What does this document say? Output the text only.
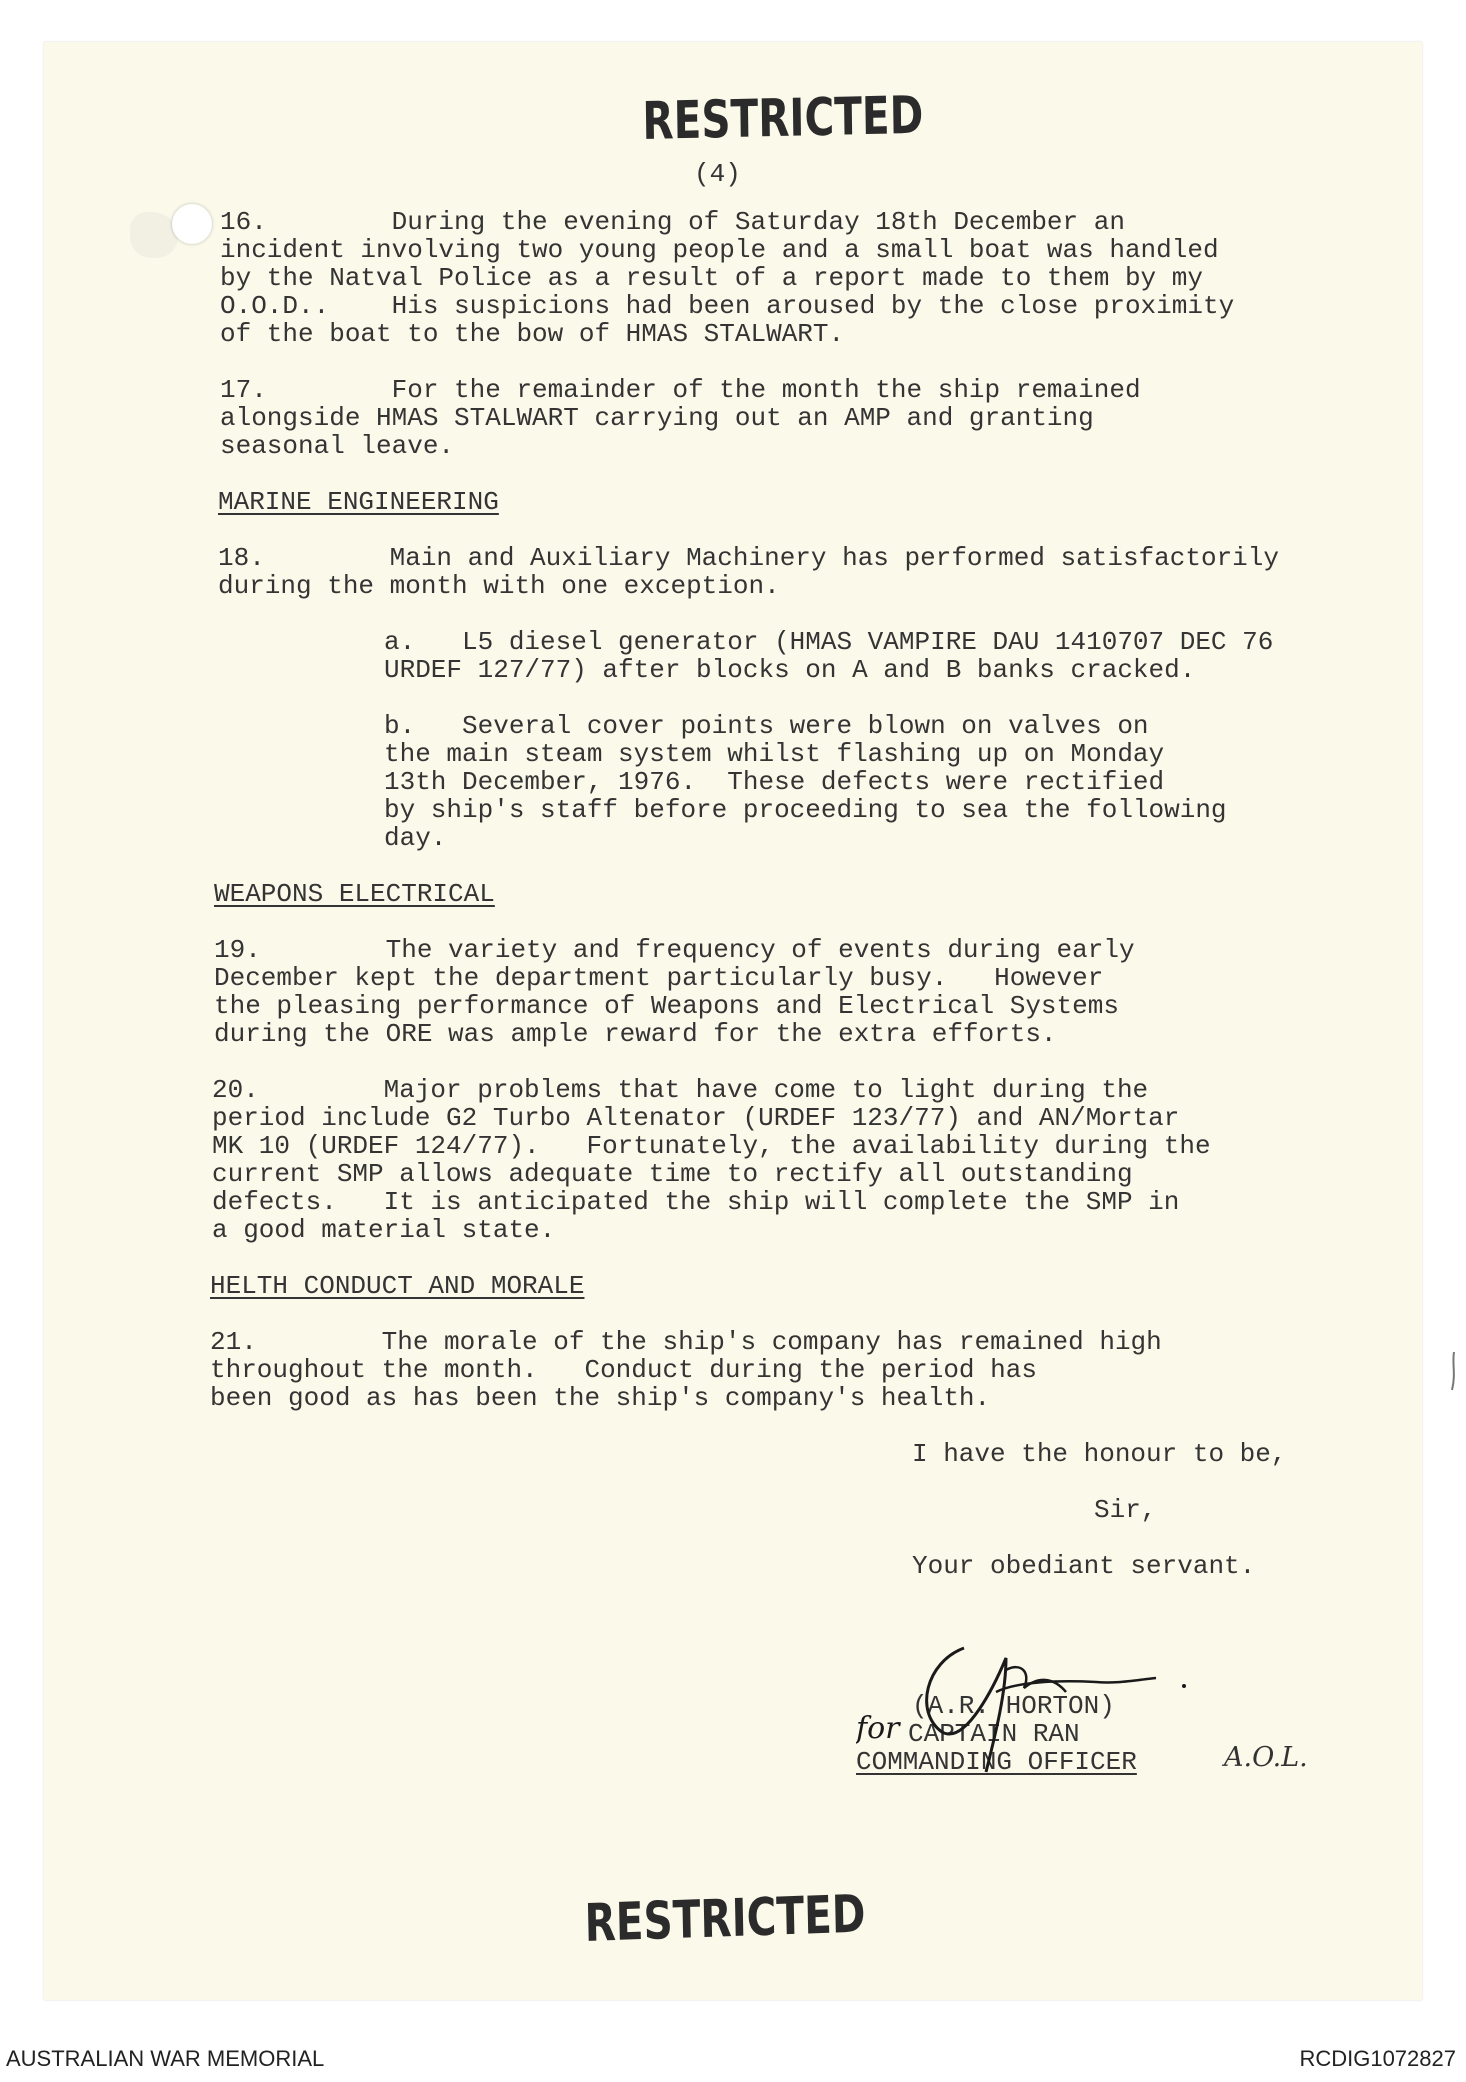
RESTRICTED
(4)
16.        During the evening of Saturday 18th December an
incident involving two young people and a small boat was handled
by the Natval Police as a result of a report made to them by my
O.O.D..    His suspicions had been aroused by the close proximity
of the boat to the bow of HMAS STALWART.
17.        For the remainder of the month the ship remained
alongside HMAS STALWART carrying out an AMP and granting
seasonal leave.
MARINE ENGINEERING
18.        Main and Auxiliary Machinery has performed satisfactorily
during the month with one exception.
a.   L5 diesel generator (HMAS VAMPIRE DAU 1410707 DEC 76
URDEF 127/77) after blocks on A and B banks cracked.
b.   Several cover points were blown on valves on
the main steam system whilst flashing up on Monday
13th December, 1976.  These defects were rectified
by ship's staff before proceeding to sea the following
day.
WEAPONS ELECTRICAL
19.        The variety and frequency of events during early
December kept the department particularly busy.   However
the pleasing performance of Weapons and Electrical Systems
during the ORE was ample reward for the extra efforts.
20.        Major problems that have come to light during the
period include G2 Turbo Altenator (URDEF 123/77) and AN/Mortar
MK 10 (URDEF 124/77).   Fortunately, the availability during the
current SMP allows adequate time to rectify all outstanding
defects.   It is anticipated the ship will complete the SMP in
a good material state.
HELTH CONDUCT AND MORALE
21.        The morale of the ship's company has remained high
throughout the month.   Conduct during the period has
been good as has been the ship's company's health.
I have the honour to be,
Sir,
Your obediant servant.
(A.R. HORTON)
CAPTAIN RAN
COMMANDING OFFICER	A.O.L.
for
RESTRICTED
AUSTRALIAN WAR MEMORIAL	RCDIG1072827
